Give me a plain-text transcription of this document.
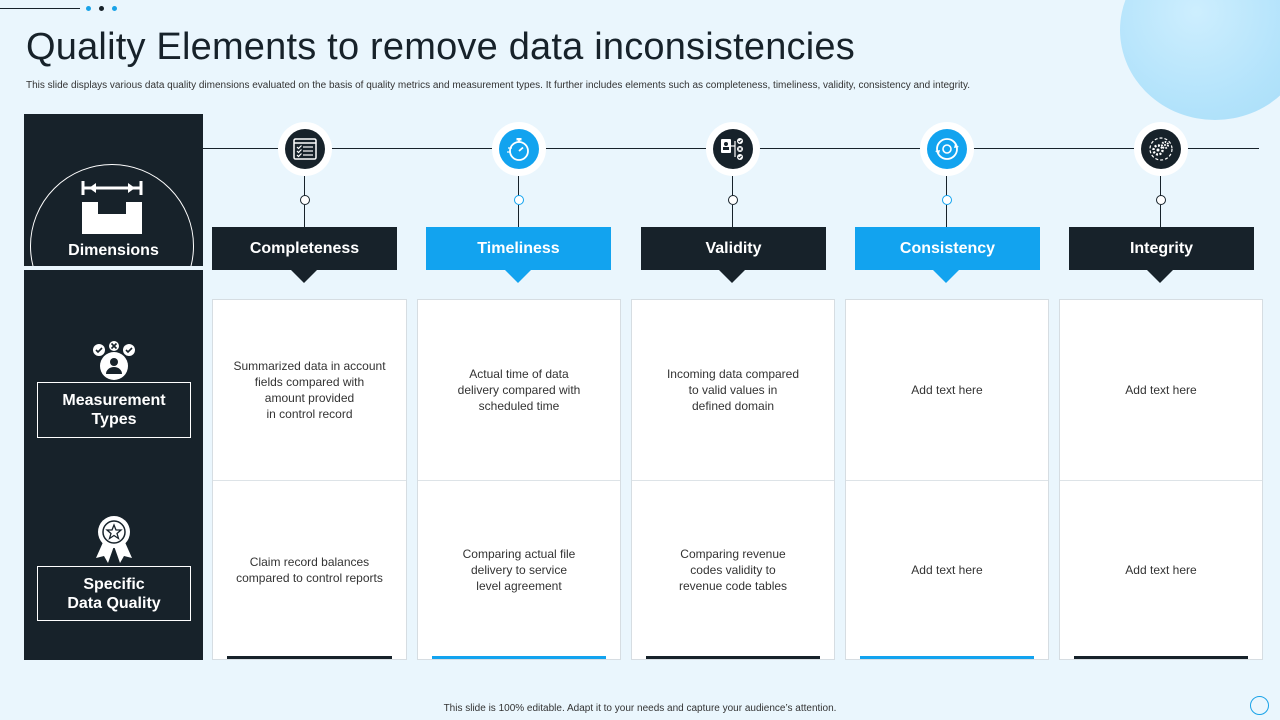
Quality Elements to remove data inconsistencies

This slide displays various data quality dimensions evaluated on the basis of quality metrics and measurement types. It further includes elements such as completeness, timeliness, validity, consistency and integrity.

Dimensions
Measurement
Types
Specific
Data Quality
Completeness
Summarized data in account
fields compared with
amount provided
in control record
Claim record balances
compared to control reports
Timeliness
Actual time of data
delivery compared with
scheduled time
Comparing actual file
delivery to service
level agreement
Validity
Incoming data compared
to valid values in
defined domain
Comparing revenue
codes validity to
revenue code tables
Consistency
Add text here
Add text here
Integrity
Add text here
Add text here
This slide is 100% editable. Adapt it to your needs and capture your audience’s attention.
